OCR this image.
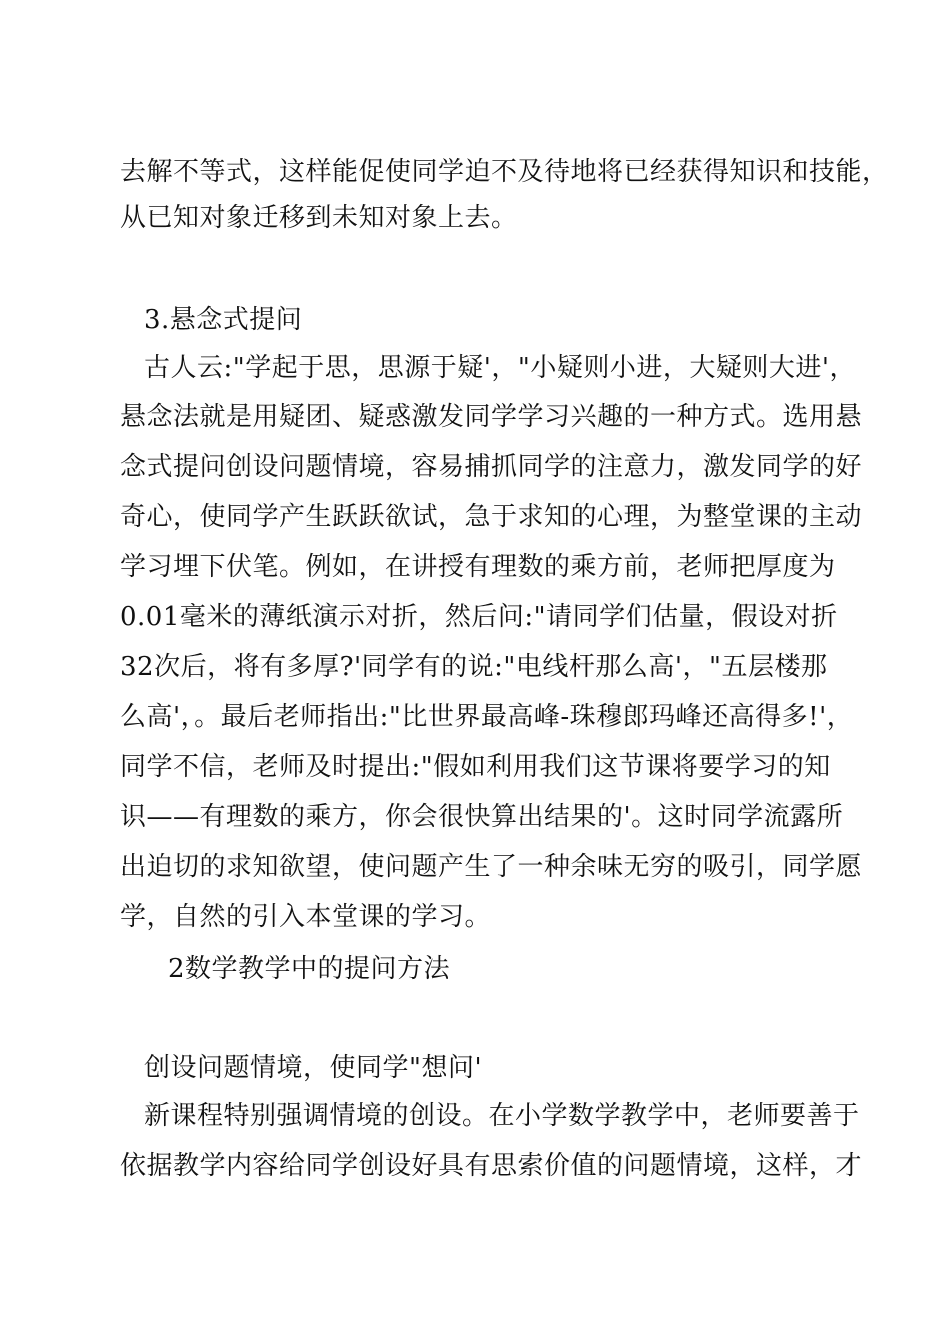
去解不等式，这样能促使同学迫不及待地将已经获得知识和技能，
从已知对象迁移到未知对象上去。
3.悬念式提问
古人云:"学起于思，思源于疑'，"小疑则小进，大疑则大进'，
悬念法就是用疑团、疑惑激发同学学习兴趣的一种方式。选用悬
念式提问创设问题情境，容易捕抓同学的注意力，激发同学的好
奇心，使同学产生跃跃欲试，急于求知的心理，为整堂课的主动
学习埋下伏笔。例如，在讲授有理数的乘方前，老师把厚度为
0.01毫米的薄纸演示对折，然后问:"请同学们估量，假设对折
32次后，将有多厚?'同学有的说:"电线杆那么高'，"五层楼那
么高'，。最后老师指出:"比世界最高峰-珠穆郎玛峰还高得多!'，
同学不信，老师及时提出:"假如利用我们这节课将要学习的知
识——有理数的乘方，你会很快算出结果的'。这时同学流露所
出迫切的求知欲望，使问题产生了一种余味无穷的吸引，同学愿
学，自然的引入本堂课的学习。
2数学教学中的提问方法
创设问题情境，使同学"想问'
新课程特别强调情境的创设。在小学数学教学中，老师要善于
依据教学内容给同学创设好具有思索价值的问题情境，这样，才
